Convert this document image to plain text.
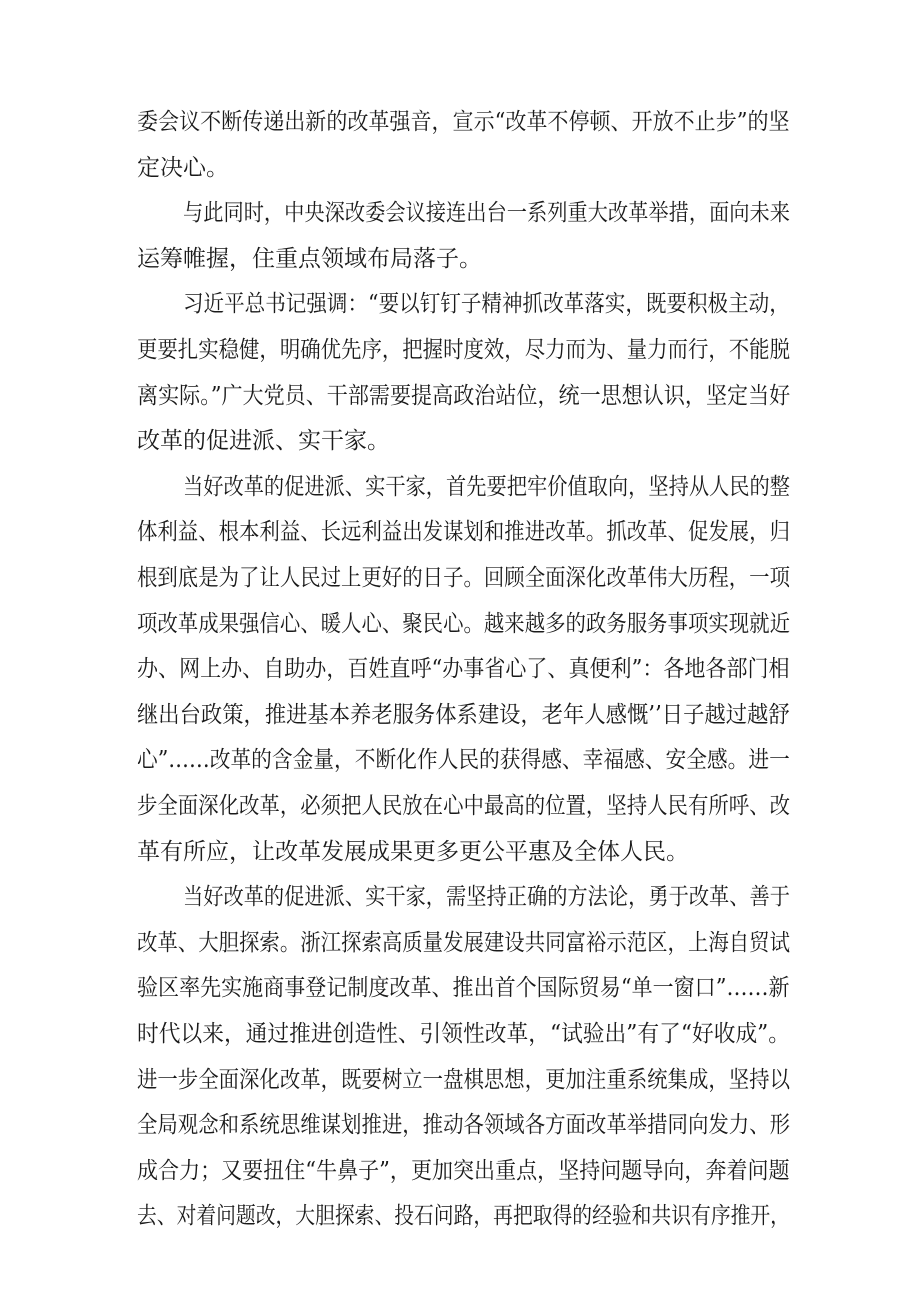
委会议不断传递出新的改革强音，宣示“改革不停顿、开放不止步”的坚
定决心。
与此同时，中央深改委会议接连出台一系列重大改革举措，面向未来
运筹帷握，住重点领域布局落子。
习近平总书记强调：“要以钉钉子精神抓改革落实，既要积极主动，
更要扎实稳健，明确优先序，把握时度效，尽力而为、量力而行，不能脱
离实际。”广大党员、干部需要提高政治站位，统一思想认识，坚定当好
改革的促进派、实干家。
当好改革的促进派、实干家，首先要把牢价值取向，坚持从人民的整
体利益、根本利益、长远利益出发谋划和推进改革。抓改革、促发展，归
根到底是为了让人民过上更好的日子。回顾全面深化改革伟大历程，一项
项改革成果强信心、暖人心、聚民心。越来越多的政务服务事项实现就近
办、网上办、自助办，百姓直呼“办事省心了、真便利”：各地各部门相
继出台政策，推进基本养老服务体系建设，老年人感慨’’日子越过越舒
心”……改革的含金量，不断化作人民的获得感、幸福感、安全感。进一
步全面深化改革，必须把人民放在心中最高的位置，坚持人民有所呼、改
革有所应，让改革发展成果更多更公平惠及全体人民。
当好改革的促进派、实干家，需坚持正确的方法论，勇于改革、善于
改革、大胆探索。浙江探索高质量发展建设共同富裕示范区，上海自贸试
验区率先实施商事登记制度改革、推出首个国际贸易“单一窗口”……新
时代以来，通过推进创造性、引领性改革，“试验出”有了“好收成”。
进一步全面深化改革，既要树立一盘棋思想，更加注重系统集成，坚持以
全局观念和系统思维谋划推进，推动各领域各方面改革举措同向发力、形
成合力；又要扭住“牛鼻子”，更加突出重点，坚持问题导向，奔着问题
去、对着问题改，大胆探索、投石问路，再把取得的经验和共识有序推开，
